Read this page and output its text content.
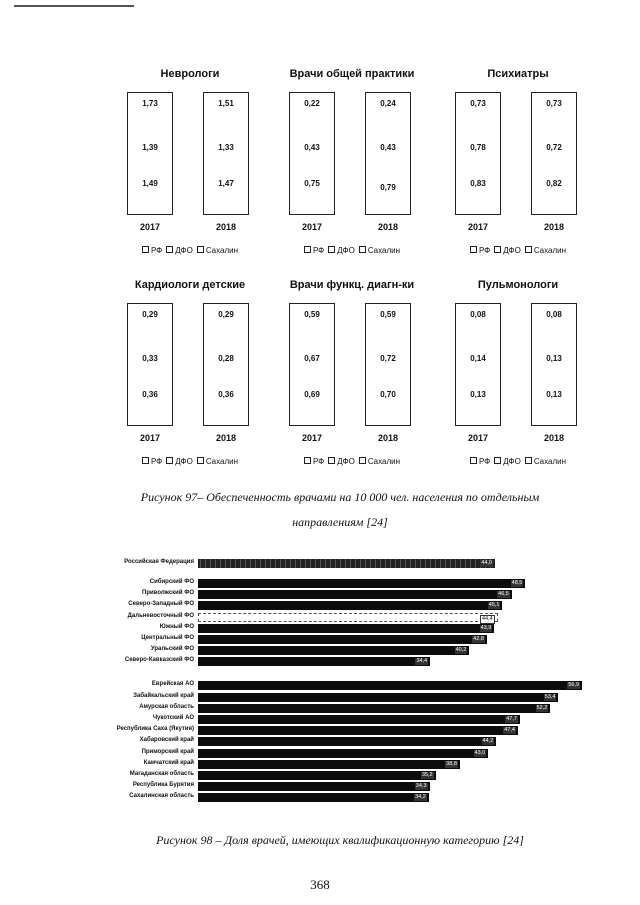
Неврологи
1,73
1,39
1,49
2017
1,51
1,33
1,47
2018
РФ ДФО Сахалин
Врачи общей практики
0,22
0,43
0,75
2017
0,24
0,43
0,79
2018
РФ ДФО Сахалин
Психиатры
0,73
0,78
0,83
2017
0,73
0,72
0,82
2018
РФ ДФО Сахалин
Кардиологи детские
0,29
0,33
0,36
2017
0,29
0,28
0,36
2018
РФ ДФО Сахалин
Врачи функц. диагн-ки
0,59
0,67
0,69
2017
0,59
0,72
0,70
2018
РФ ДФО Сахалин
Пульмонологи
0,08
0,14
0,13
2017
0,08
0,13
0,13
2018
РФ ДФО Сахалин
Рисунок 97– Обеспеченность врачами на 10 000 чел. населения по отдельным
направлениям [24]
Российская Федерация	44,0
Сибирский ФО	48,5
Приволжский ФО	46,5
Северо-Западный ФО	45,1
Дальневосточный ФО	44,4
Южный ФО	43,9
Центральный ФО	42,8
Уральский ФО	40,2
Северо-Кавказский ФО	34,4
Еврейская АО	56,9
Забайкальский край	53,4
Амурская область	52,2
Чукотский АО	47,7
Республика Саха (Якутия)	47,4
Хабаровский край	44,2
Приморский край	43,0
Камчатский край	38,8
Магаданская область	35,2
Республика Бурятия	34,3
Сахалинская область	34,2
Рисунок 98 – Доля врачей, имеющих квалификационную категорию [24]
368
